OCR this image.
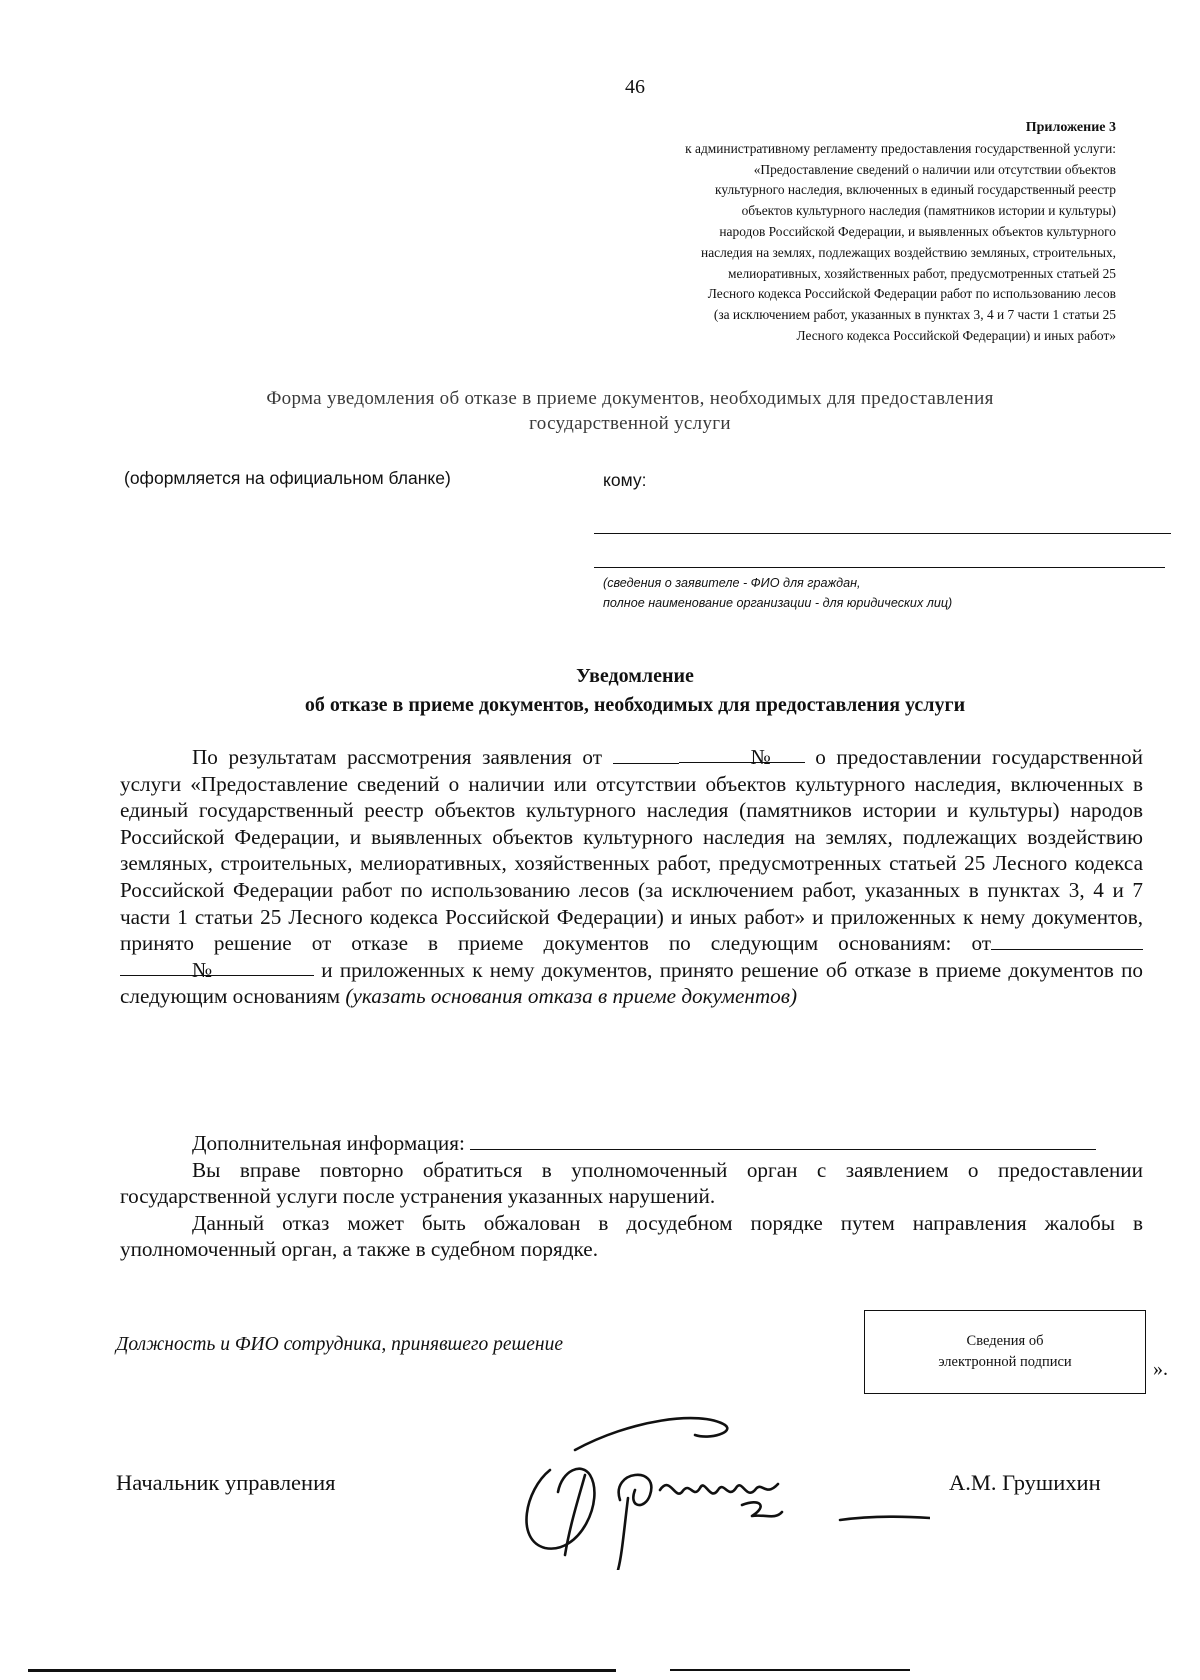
46
Приложение 3
к административному регламенту предоставления государственной услуги:
«Предоставление сведений о наличии или отсутствии объектов
культурного наследия, включенных в единый государственный реестр
объектов культурного наследия (памятников истории и культуры)
народов Российской Федерации, и выявленных объектов культурного
наследия на землях, подлежащих воздействию земляных, строительных,
мелиоративных, хозяйственных работ, предусмотренных статьей 25
Лесного кодекса Российской Федерации работ по использованию лесов
(за исключением работ, указанных в пунктах 3, 4 и 7 части 1 статьи 25
Лесного кодекса Российской Федерации) и иных работ»
Форма уведомления об отказе в приеме документов, необходимых для предоставления
государственной услуги
(оформляется на официальном бланке)	кому:
(сведения о заявителе - ФИО для граждан,
полное наименование организации - для юридических лиц)
Уведомление
об отказе в приеме документов, необходимых для предоставления услуги

По результатам рассмотрения заявления от	№ о предоставлении государственной услуги «Предоставление сведений о наличии или отсутствии объектов культурного наследия, включенных в единый государственный реестр объектов культурного наследия (памятников истории и культуры) народов Российской Федерации, и выявленных объектов культурного наследия на землях, подлежащих воздействию земляных, строительных, мелиоративных, хозяйственных работ, предусмотренных статьей 25 Лесного кодекса Российской Федерации работ по использованию лесов (за исключением работ, указанных в пунктах 3, 4 и 7 части 1 статьи 25 Лесного кодекса Российской Федерации) и иных работ» и приложенных к нему документов, принято решение от отказе в приеме документов по следующим основаниям: от№	и приложенных к нему документов, принято решение об отказе в приеме документов по следующим основаниям (указать основания отказа в приеме документов)

Дополнительная информация:

Вы вправе повторно обратиться в уполномоченный орган с заявлением о предоставлении государственной услуги после устранения указанных нарушений.

Данный отказ может быть обжалован в досудебном порядке путем направления жалобы в уполномоченный орган, а также в судебном порядке.

Должность и ФИО сотрудника, принявшего решение	Сведения об
электронной подписи	».
Начальник управления	А.М. Грушихин
